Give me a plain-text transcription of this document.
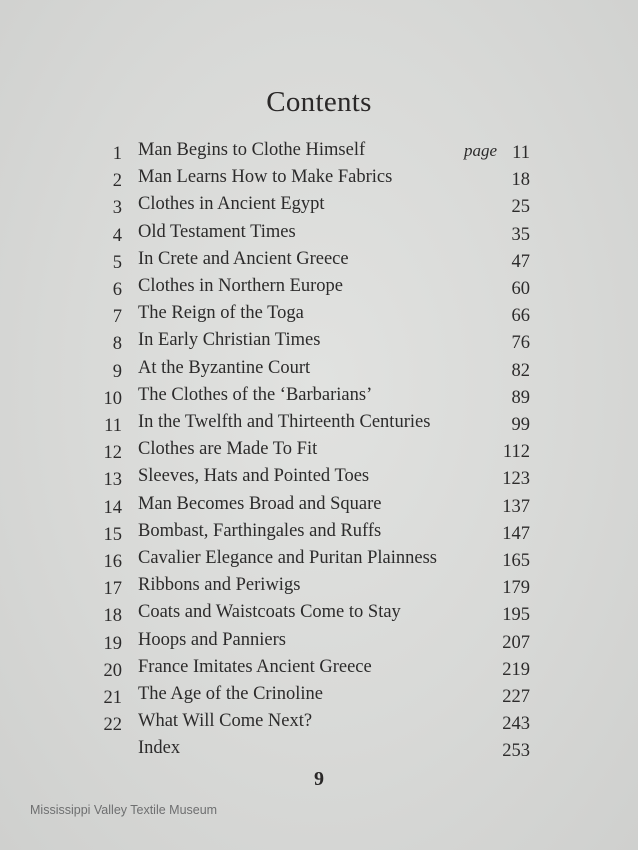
Contents
1 Man Begins to Clothe Himself	page 11
2 Man Learns How to Make Fabrics	18
3 Clothes in Ancient Egypt	25
4 Old Testament Times	35
5 In Crete and Ancient Greece	47
6 Clothes in Northern Europe	60
7 The Reign of the Toga	66
8 In Early Christian Times	76
9 At the Byzantine Court	82
10 The Clothes of the ‘Barbarians’	89
11 In the Twelfth and Thirteenth Centuries	99
12 Clothes are Made To Fit	112
13 Sleeves, Hats and Pointed Toes	123
14 Man Becomes Broad and Square	137
15 Bombast, Farthingales and Ruffs	147
16 Cavalier Elegance and Puritan Plainness	165
17 Ribbons and Periwigs	179
18 Coats and Waistcoats Come to Stay	195
19 Hoops and Panniers	207
20 France Imitates Ancient Greece	219
21 The Age of the Crinoline	227
22 What Will Come Next?	243
Index	253
9
Mississippi Valley Textile Museum
